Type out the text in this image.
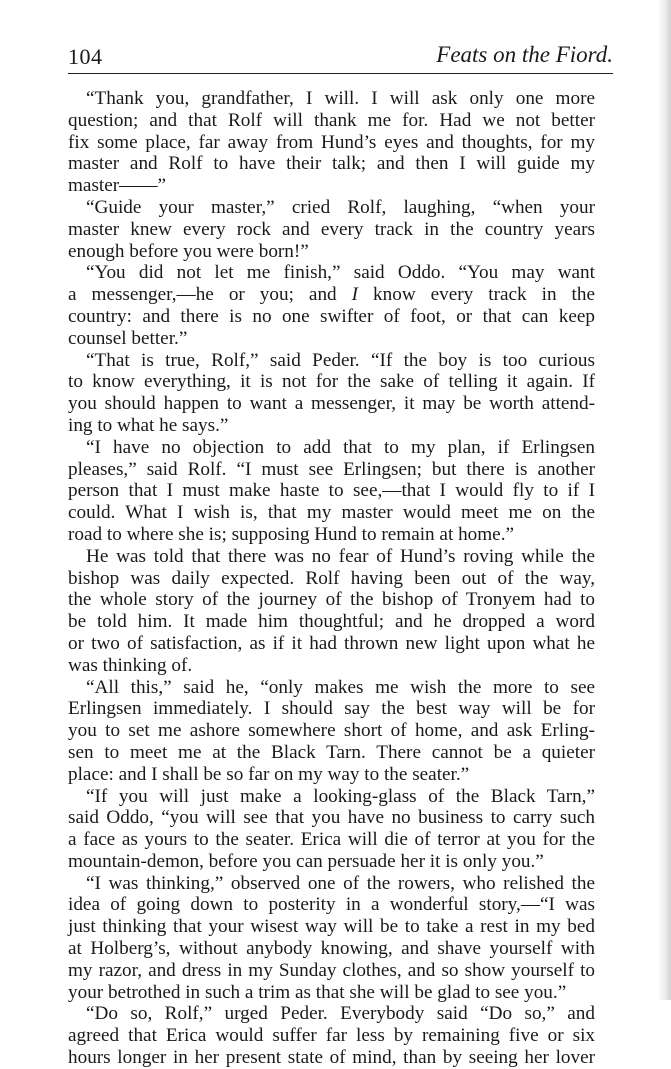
104	Feats on the Fiord.
“Thank you, grandfather, I will. I will ask only one more
question; and that Rolf will thank me for. Had we not better
fix some place, far away from Hund’s eyes and thoughts, for my
master and Rolf to have their talk; and then I will guide my
master——”
“Guide your master,” cried Rolf, laughing, “when your
master knew every rock and every track in the country years
enough before you were born!”
“You did not let me finish,” said Oddo. “You may want
a messenger,—he or you; and I know every track in the
country: and there is no one swifter of foot, or that can keep
counsel better.”
“That is true, Rolf,” said Peder. “If the boy is too curious
to know everything, it is not for the sake of telling it again. If
you should happen to want a messenger, it may be worth attend-
ing to what he says.”
“I have no objection to add that to my plan, if Erlingsen
pleases,” said Rolf. “I must see Erlingsen; but there is another
person that I must make haste to see,—that I would fly to if I
could. What I wish is, that my master would meet me on the
road to where she is; supposing Hund to remain at home.”
He was told that there was no fear of Hund’s roving while the
bishop was daily expected. Rolf having been out of the way,
the whole story of the journey of the bishop of Tronyem had to
be told him. It made him thoughtful; and he dropped a word
or two of satisfaction, as if it had thrown new light upon what he
was thinking of.
“All this,” said he, “only makes me wish the more to see
Erlingsen immediately. I should say the best way will be for
you to set me ashore somewhere short of home, and ask Erling-
sen to meet me at the Black Tarn. There cannot be a quieter
place: and I shall be so far on my way to the seater.”
“If you will just make a looking-glass of the Black Tarn,”
said Oddo, “you will see that you have no business to carry such
a face as yours to the seater. Erica will die of terror at you for the
mountain-demon, before you can persuade her it is only you.”
“I was thinking,” observed one of the rowers, who relished the
idea of going down to posterity in a wonderful story,—“I was
just thinking that your wisest way will be to take a rest in my bed
at Holberg’s, without anybody knowing, and shave yourself with
my razor, and dress in my Sunday clothes, and so show yourself to
your betrothed in such a trim as that she will be glad to see you.”
“Do so, Rolf,” urged Peder. Everybody said “Do so,” and
agreed that Erica would suffer far less by remaining five or six
hours longer in her present state of mind, than by seeing her lover
